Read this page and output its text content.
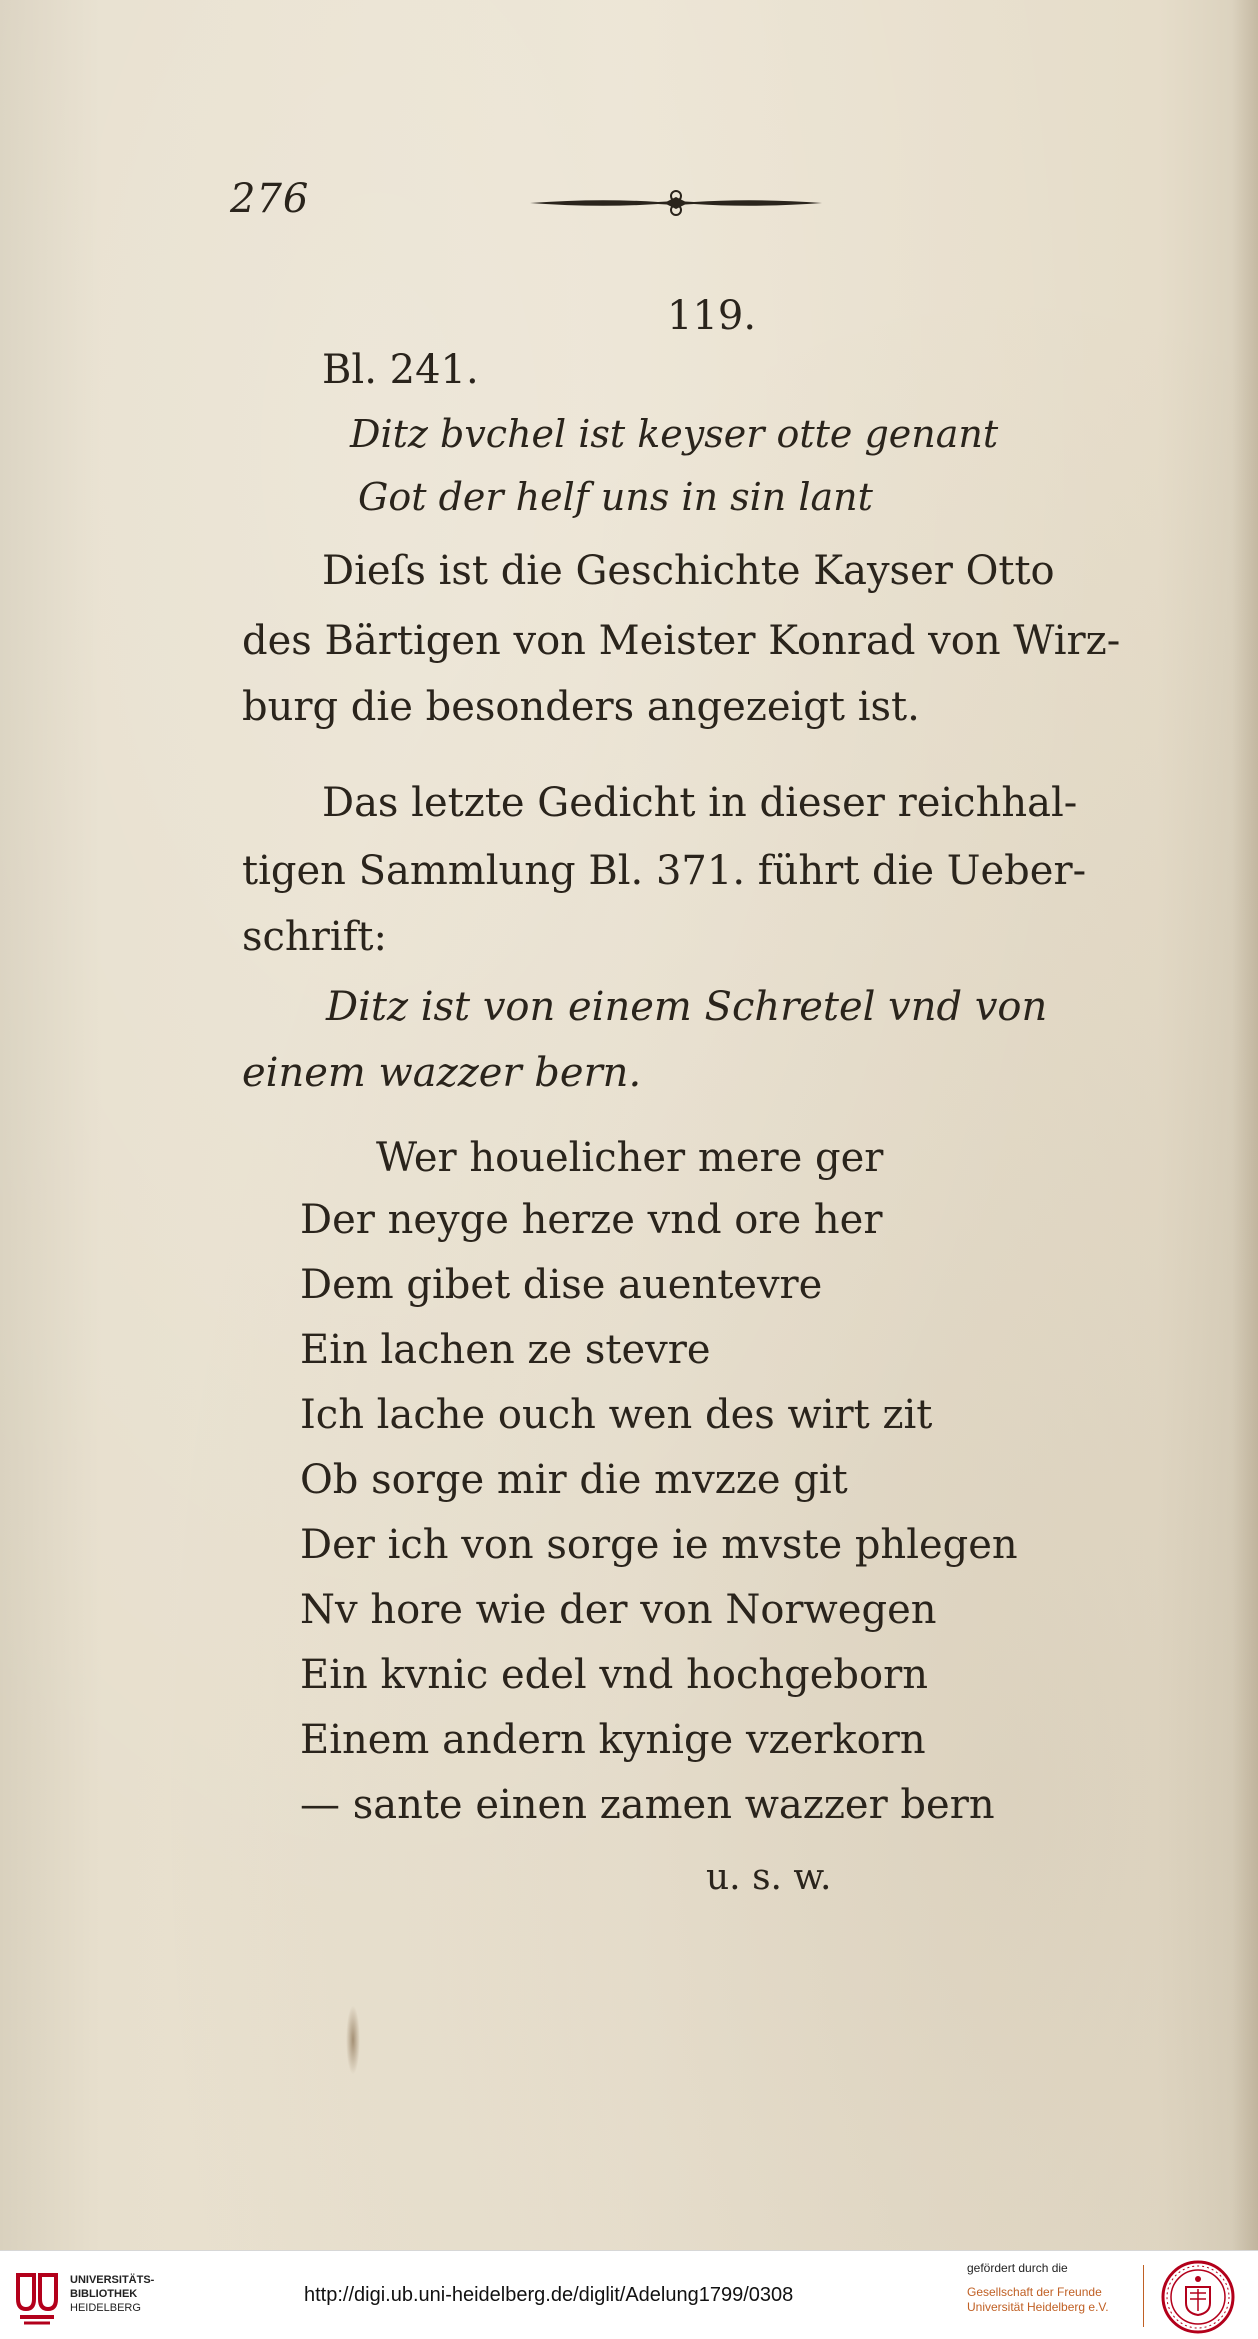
276
119.
Bl. 241.
Ditz bvchel ist keyser otte genant
Got der helf uns in sin lant
Dieſs ist die Geschichte Kayser Otto
des Bärtigen von Meister Konrad von Wirz-
burg die besonders angezeigt ist.
Das letzte Gedicht in dieser reichhal-
tigen Sammlung Bl. 371. führt die Ueber-
schrift:
Ditz ist von einem Schretel vnd von
einem wazzer bern.
Wer houelicher mere ger
Der neyge herze vnd ore her
Dem gibet dise auentevre
Ein lachen ze stevre
Ich lache ouch wen des wirt zit
Ob sorge mir die mvzze git
Der ich von sorge ie mvste phlegen
Nv hore wie der von Norwegen
Ein kvnic edel vnd hochgeborn
Einem andern kynige vzerkorn
— sante einen zamen wazzer bern
u. s. w.
UNIVERSITÄTS-
BIBLIOTHEK
HEIDELBERG
http://digi.ub.uni-heidelberg.de/diglit/Adelung1799/0308
gefördert durch die
Gesellschaft der Freunde
Universität Heidelberg e.V.
